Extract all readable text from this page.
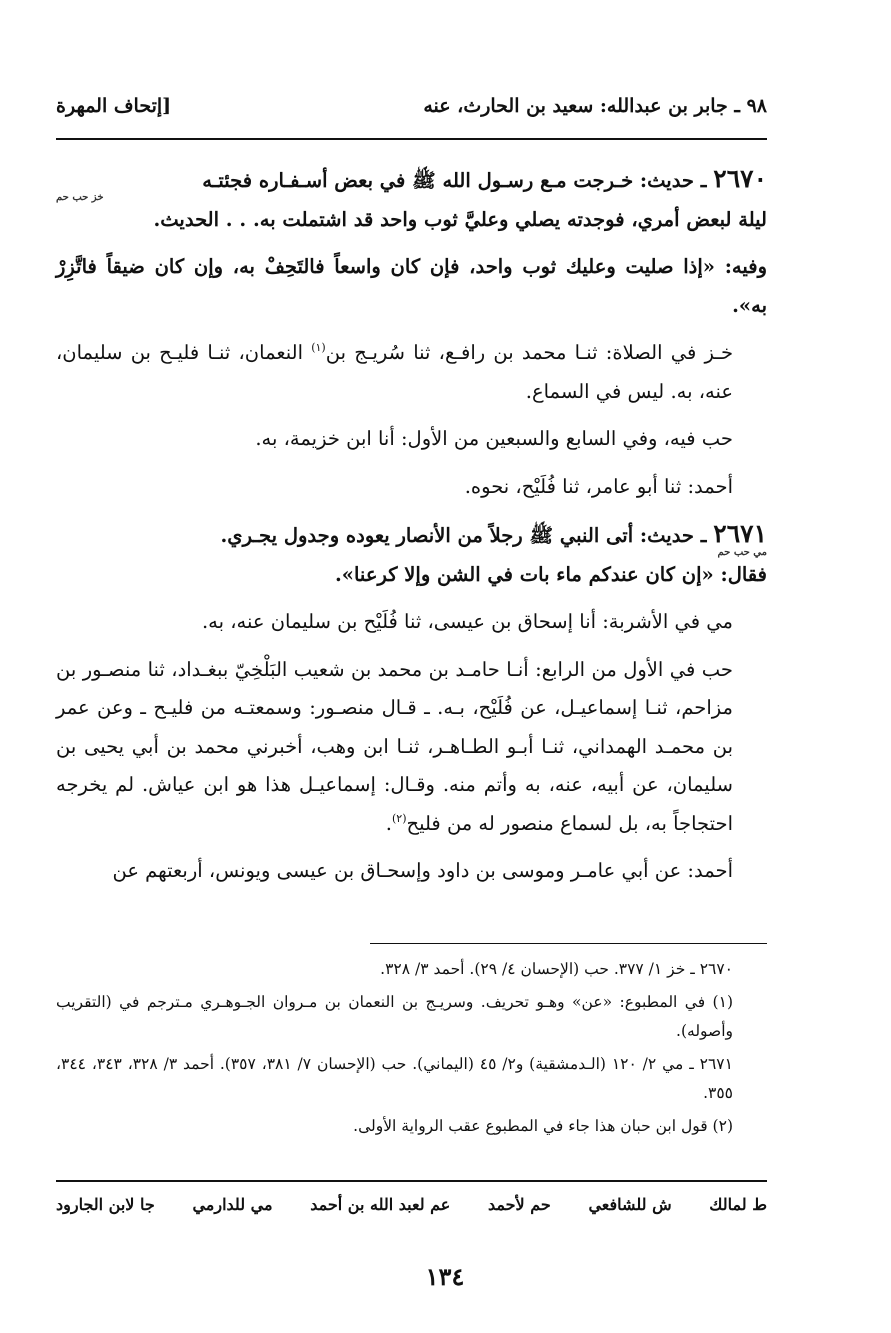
٩٨ ـ جابر بن عبدالله: سعيد بن الحارث، عنه
[إتحاف المهرة

٢٦٧٠ ـ حديث: خـرجت مـع رسـول الله ﷺ في بعض أسـفـاره فجئتـه
خز حب حم
ليلة لبعض أمري، فوجدته يصلي وعليَّ ثوب واحد قد اشتملت به. . . الحديث.

وفيه: «إذا صليت وعليك ثوب واحد، فإن كان واسعاً فالتَحِفْ به، وإن كان ضيقاً فاتَّزِرْ به».

خـز في الصلاة: ثنـا محمد بن رافـع، ثنا سُريـج بن$^{(١)}$ النعمان، ثنـا فليـح بن سليمان، عنه، به. ليس في السماع.

حب فيه، وفي السابع والسبعين من الأول: أنا ابن خزيمة، به.

أحمد: ثنا أبو عامر، ثنا فُلَيْح، نحوه.

٢٦٧١ ـ حديث: أتى النبي ﷺ رجلاً من الأنصار يعوده وجدول يجـري.
مي حب حم
فقال: «إن كان عندكم ماء بات في الشن وإلا كرعنا».

مي في الأشربة: أنا إسحاق بن عيسى، ثنا فُلَيْح بن سليمان عنه، به.

حب في الأول من الرابع: أنـا حامـد بن محمد بن شعيب البَلْخِيّ ببغـداد، ثنا منصـور بن مزاحم، ثنـا إسماعيـل، عن فُلَيْح، بـه. ـ قـال منصـور: وسمعتـه من فليـح ـ وعن عمر بن محمـد الهمداني، ثنـا أبـو الطـاهـر، ثنـا ابن وهب، أخبرني محمد بن أبي يحيى بن سليمان، عن أبيه، عنه، به وأتم منه. وقـال: إسماعيـل هذا هو ابن عياش. لم يخرجه احتجاجاً به، بل لسماع منصور له من فليح$^{(٢)}$.

أحمد: عن أبي عامـر وموسى بن داود وإسحـاق بن عيسى ويونس، أربعتهم عن

٢٦٧٠ ـ خز ١/ ٣٧٧. حب (الإحسان ٤/ ٢٩). أحمد ٣/ ٣٢٨.

(١) في المطبوع: «عن» وهـو تحريف. وسريـج بن النعمان بن مـروان الجـوهـري مـترجم في (التقريب وأصوله).

٢٦٧١ ـ مي ٢/ ١٢٠ (الـدمشقية) و٢/ ٤٥ (اليماني). حب (الإحسان ٧/ ٣٨١، ٣٥٧). أحمد ٣/ ٣٢٨، ٣٤٣، ٣٤٤، ٣٥٥.

(٢) قول ابن حبان هذا جاء في المطبوع عقب الرواية الأولى.

ط لمالك
ش للشافعي
حم لأحمد
عم لعبد الله بن أحمد
مي للدارمي
جا لابن الجارود
١٣٤
